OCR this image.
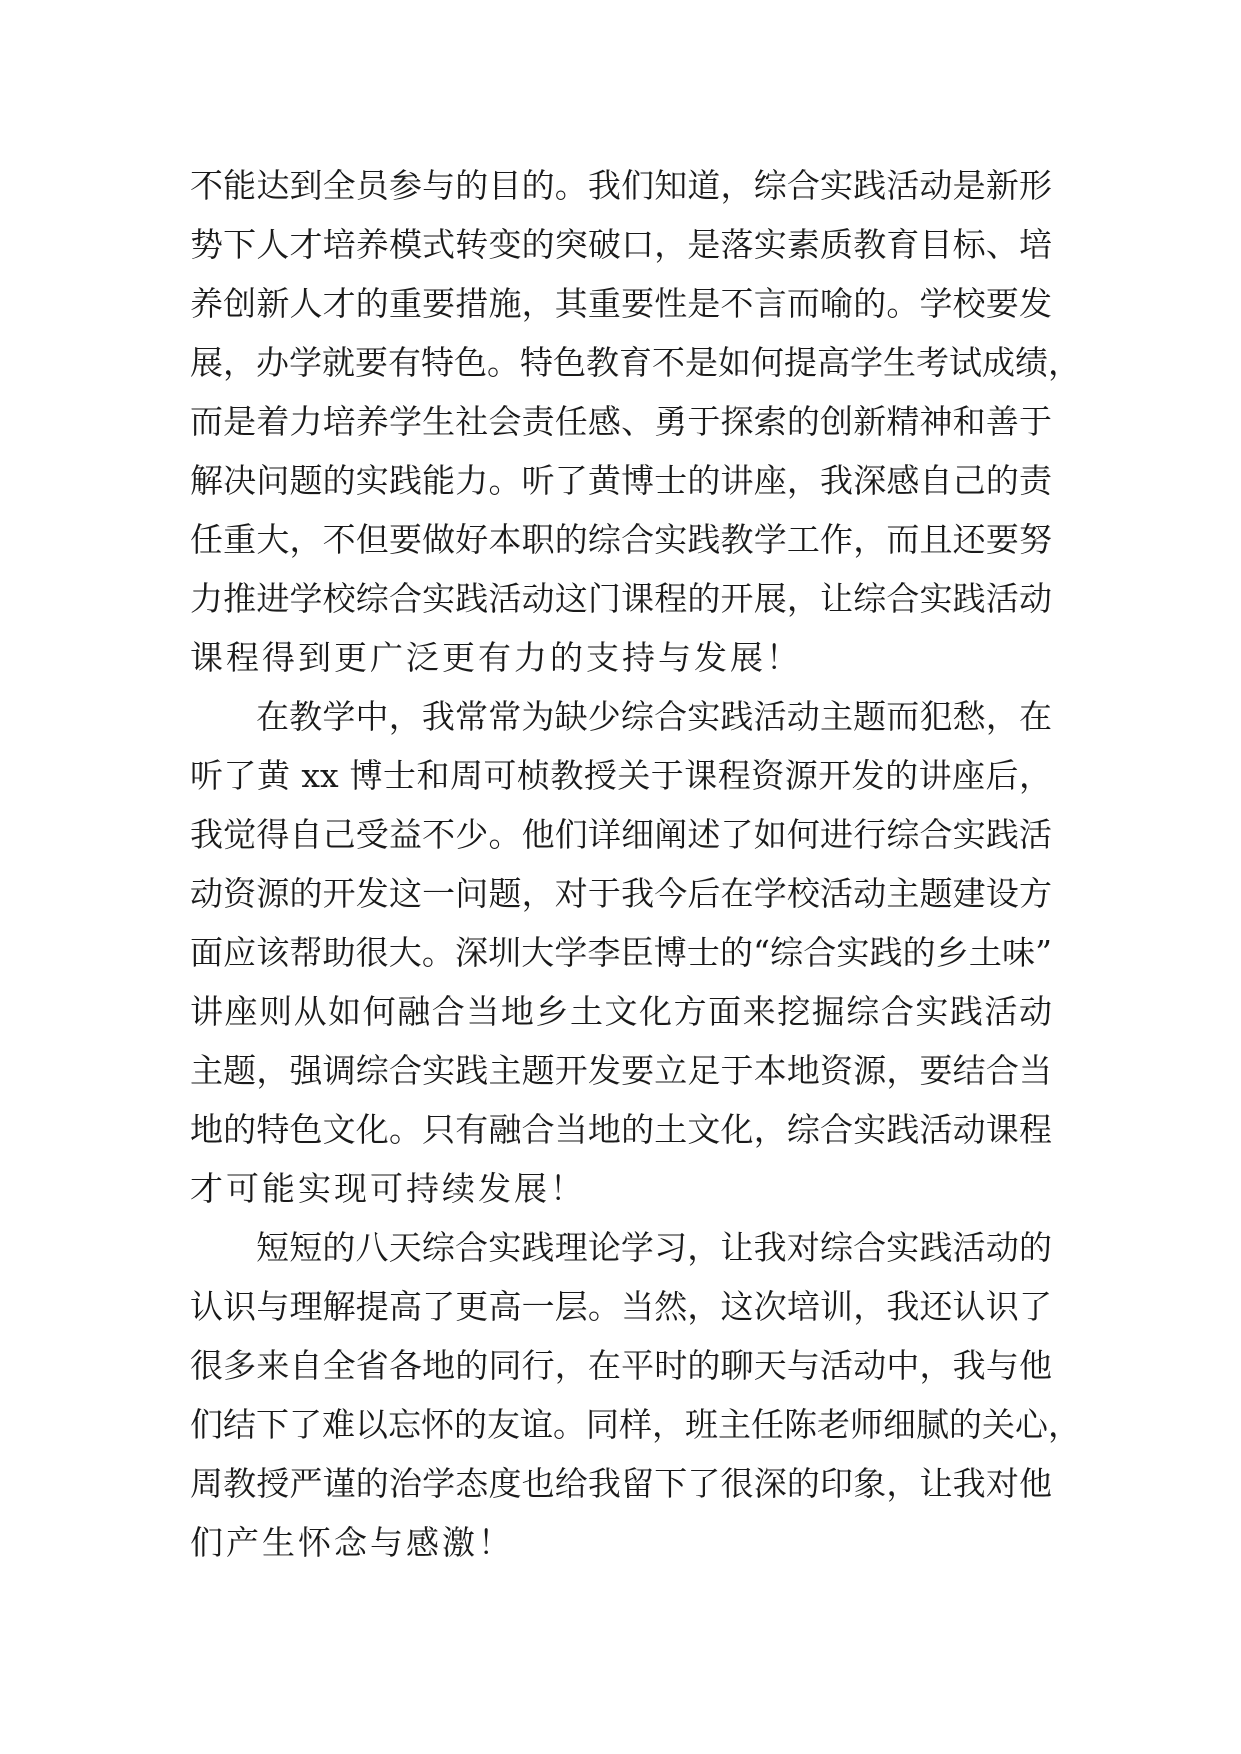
不能达到全员参与的目的。我们知道，综合实践活动是新形
势下人才培养模式转变的突破口，是落实素质教育目标、培
养创新人才的重要措施，其重要性是不言而喻的。学校要发
展，办学就要有特色。特色教育不是如何提高学生考试成绩，
而是着力培养学生社会责任感、勇于探索的创新精神和善于
解决问题的实践能力。听了黄博士的讲座，我深感自己的责
任重大，不但要做好本职的综合实践教学工作，而且还要努
力推进学校综合实践活动这门课程的开展，让综合实践活动
课程得到更广泛更有力的支持与发展！
在教学中，我常常为缺少综合实践活动主题而犯愁，在
听了黄 xx 博士和周可桢教授关于课程资源开发的讲座后，
我觉得自己受益不少。他们详细阐述了如何进行综合实践活
动资源的开发这一问题，对于我今后在学校活动主题建设方
面应该帮助很大。深圳大学李臣博士的“综合实践的乡土味”
讲座则从如何融合当地乡土文化方面来挖掘综合实践活动
主题，强调综合实践主题开发要立足于本地资源，要结合当
地的特色文化。只有融合当地的土文化，综合实践活动课程
才可能实现可持续发展！
短短的八天综合实践理论学习，让我对综合实践活动的
认识与理解提高了更高一层。当然，这次培训，我还认识了
很多来自全省各地的同行，在平时的聊天与活动中，我与他
们结下了难以忘怀的友谊。同样，班主任陈老师细腻的关心，
周教授严谨的治学态度也给我留下了很深的印象，让我对他
们产生怀念与感激！
